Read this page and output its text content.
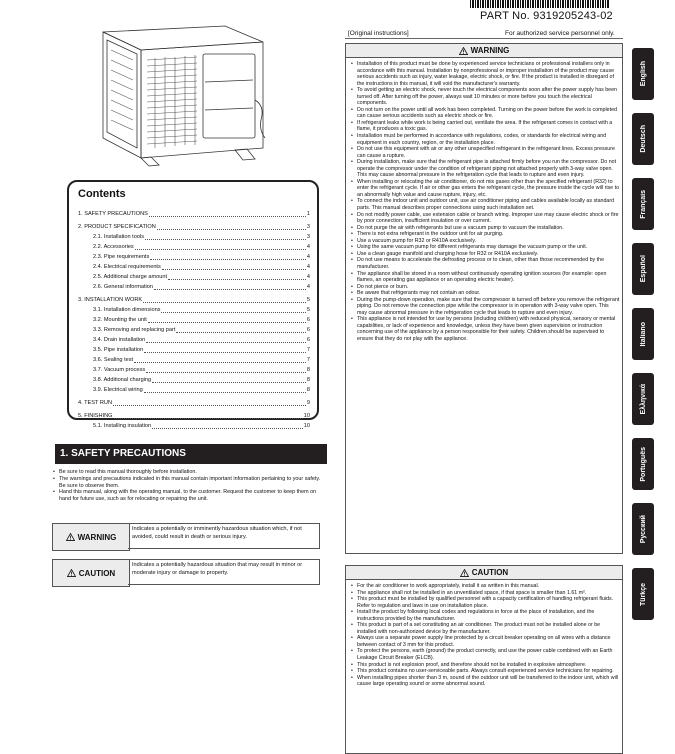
PART No. 9319205243-02
[Original instructions]	For authorized service personnel only.
Contents
1. SAFETY PRECAUTIONS	1
2. PRODUCT SPECIFICATION	3
2.1. Installation tools	3
2.2. Accessories	4
2.3. Pipe requirements	4
2.4. Electrical requirements	4
2.5. Additional charge amount	4
2.6. General information	4
3. INSTALLATION WORK	5
3.1. Installation dimensions	5
3.2. Mounting the unit	6
3.3. Removing and replacing part	6
3.4. Drain installation	6
3.5. Pipe installation	7
3.6. Sealing test	7
3.7. Vacuum process	8
3.8. Additional charging	8
3.9. Electrical wiring	8
4. TEST RUN	9
5. FINISHING	10
5.1. Installing insulation	10
1. SAFETY PRECAUTIONS
• Be sure to read this manual thoroughly before installation.
• The warnings and precautions indicated in this manual contain important information pertaining to your safety. Be sure to observe them.
• Hand this manual, along with the operating manual, to the customer. Request the customer to keep them on hand for future use, such as for relocating or repairing the unit.
WARNING
Indicates a potentially or imminently hazardous situation which, if not avoided, could result in death or serious injury.
CAUTION
Indicates a potentially hazardous situation that may result in minor or moderate injury or damage to property.
WARNING
• Installation of this product must be done by experienced service technicians or professional installers only in accordance with this manual. Installation by nonprofessional or improper installation of the product may cause serious accidents such as injury, water leakage, electric shock, or fire. If the product is installed in disregard of the instructions in this manual, it will void the manufacturer's warranty.
• To avoid getting an electric shock, never touch the electrical components soon after the power supply has been turned off. After turning off the power, always wait 10 minutes or more before you touch the electrical components.
• Do not turn on the power until all work has been completed. Turning on the power before the work is completed can cause serious accidents such as electric shock or fire.
• If refrigerant leaks while work is being carried out, ventilate the area. If the refrigerant comes in contact with a flame, it produces a toxic gas.
• Installation must be performed in accordance with regulations, codes, or standards for electrical wiring and equipment in each country, region, or the installation place.
• Do not use this equipment with air or any other unspecified refrigerant in the refrigerant lines. Excess pressure can cause a rupture.
• During installation, make sure that the refrigerant pipe is attached firmly before you run the compressor. Do not operate the compressor under the condition of refrigerant piping not attached properly with 3-way valve open. This may cause abnormal pressure in the refrigeration cycle that leads to rupture and even injury.
• When installing or relocating the air conditioner, do not mix gases other than the specified refrigerant (R32) to enter the refrigerant cycle. If air or other gas enters the refrigerant cycle, the pressure inside the cycle will rise to an abnormally high value and cause rupture, injury, etc.
• To connect the indoor unit and outdoor unit, use air conditioner piping and cables available locally as standard parts. This manual describes proper connections using such installation set.
• Do not modify power cable, use extension cable or branch wiring. Improper use may cause electric shock or fire by poor connection, insufficient insulation or over current.
• Do not purge the air with refrigerants but use a vacuum pump to vacuum the installation.
• There is not extra refrigerant in the outdoor unit for air purging.
• Use a vacuum pump for R32 or R410A exclusively.
• Using the same vacuum pump for different refrigerants may damage the vacuum pump or the unit.
• Use a clean gauge manifold and charging hose for R32 or R410A exclusively.
• Do not use means to accelerate the defrosting process or to clean, other than those recommended by the manufacturer.
• The appliance shall be stored in a room without continuously operating ignition sources (for example: open flames, an operating gas appliance or an operating electric heater).
• Do not pierce or burn.
• Be aware that refrigerants may not contain an odour.
• During the pump-down operation, make sure that the compressor is turned off before you remove the refrigerant piping. Do not remove the connection pipe while the compressor is in operation with 3-way valve open. This may cause abnormal pressure in the refrigeration cycle that leads to rupture and even injury.
• This appliance is not intended for use by persons (including children) with reduced physical, sensory or mental capabilities, or lack of experience and knowledge, unless they have been given supervision or instruction concerning use of the appliance by a person responsible for their safety. Children should be supervised to ensure that they do not play with the appliance.
CAUTION
• For the air conditioner to work appropriately, install it as written in this manual.
• The appliance shall not be installed in an unventilated space, if that space is smaller than 1.61 m².
• This product must be installed by qualified personnel with a capacity certification of handling refrigerant fluids. Refer to regulation and laws in use on installation place.
• Install the product by following local codes and regulations in force at the place of installation, and the instructions provided by the manufacturer.
• This product is part of a set constituting an air conditioner. The product must not be installed alone or be installed with non-authorized device by the manufacturer.
• Always use a separate power supply line protected by a circuit breaker operating on all wires with a distance between contact of 3 mm for this product.
• To protect the persons, earth (ground) the product correctly, and use the power cable combined with an Earth Leakage Circuit Breaker (ELCB).
• This product is not explosion proof, and therefore should not be installed in explosive atmosphere.
• This product contains no user-serviceable parts. Always consult experienced service technicians for repairing.
• When installing pipes shorter than 3 m, sound of the outdoor unit will be transferred to the indoor unit, which will cause large operating sound or some abnormal sound.
English
Deutsch
Français
Español
Italiano
Ελληνικά
Português
Русский
Türkçe
